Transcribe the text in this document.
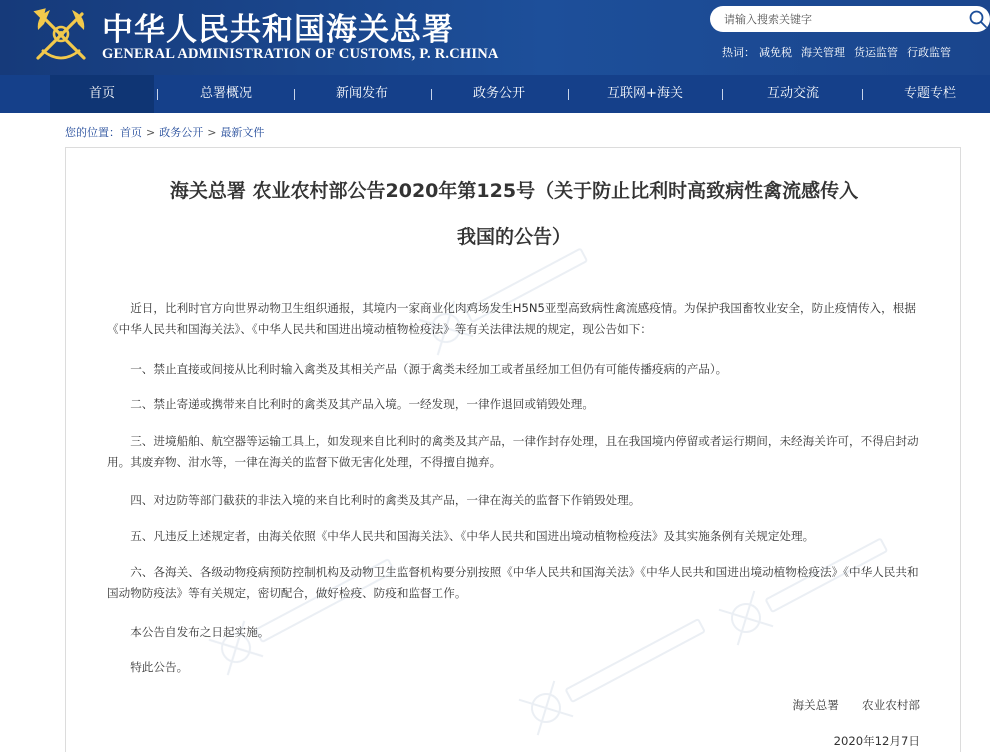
中华人民共和国海关总署
GENERAL ADMINISTRATION OF CUSTOMS, P. R.CHINA
请输入搜索关键字	热词： 减免税 海关管理 货运监管 行政监管
首页	总署概况	新闻发布	政务公开	互联网+海关	互动交流	专题专栏
您的位置：首页 > 政务公开 > 最新文件
海关总署 农业农村部公告2020年第125号（关于防止比利时高致病性禽流感传入
我国的公告）

近日，比利时官方向世界动物卫生组织通报，其境内一家商业化肉鸡场发生H5N5亚型高致病性禽流感疫情。为保护我国畜牧业安全，防止疫情传入，根据《中华人民共和国海关法》、《中华人民共和国进出境动植物检疫法》等有关法律法规的规定，现公告如下：

一、禁止直接或间接从比利时输入禽类及其相关产品（源于禽类未经加工或者虽经加工但仍有可能传播疫病的产品）。

二、禁止寄递或携带来自比利时的禽类及其产品入境。一经发现，一律作退回或销毁处理。

三、进境船舶、航空器等运输工具上，如发现来自比利时的禽类及其产品，一律作封存处理，且在我国境内停留或者运行期间，未经海关许可，不得启封动用。其废弃物、泔水等，一律在海关的监督下做无害化处理，不得擅自抛弃。

四、对边防等部门截获的非法入境的来自比利时的禽类及其产品，一律在海关的监督下作销毁处理。

五、凡违反上述规定者，由海关依照《中华人民共和国海关法》、《中华人民共和国进出境动植物检疫法》及其实施条例有关规定处理。

六、各海关、各级动物疫病预防控制机构及动物卫生监督机构要分别按照《中华人民共和国海关法》《中华人民共和国进出境动植物检疫法》《中华人民共和国动物防疫法》等有关规定，密切配合，做好检疫、防疫和监督工作。

本公告自发布之日起实施。

特此公告。

海关总署　　农业农村部
2020年12月7日
